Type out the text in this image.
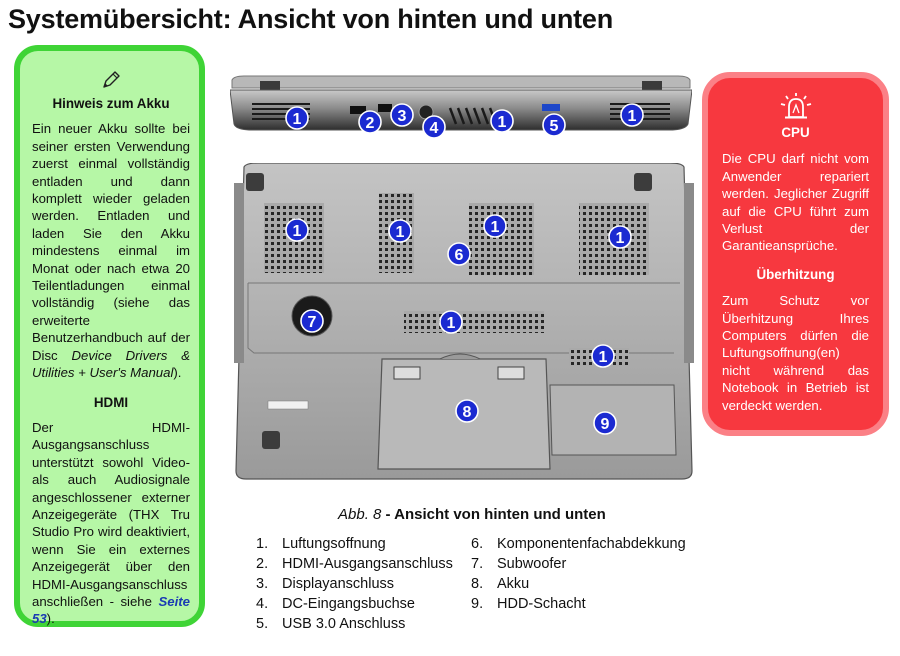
Systemübersicht: Ansicht von hinten und unten
Hinweis zum Akku

Ein neuer Akku sollte bei seiner ersten Verwendung zuerst einmal vollständig entladen und dann komplett wieder geladen werden. Entladen und laden Sie den Akku mindestens einmal im Monat oder nach etwa 20 Teilentladungen einmal vollständig (siehe das erweiterte Benutzerhandbuch auf der Disc Device Drivers & Utilities + User's Manual).

HDMI

Der HDMI-Ausgangsanschluss unterstützt sowohl Video- als auch Audiosignale angeschlossener externer Anzeigegeräte (THX Tru Studio Pro wird deaktiviert, wenn Sie ein externes Anzeigegerät über den HDMI-Ausgangsanschluss anschließen - siehe Seite 53).

CPU

Die CPU darf nicht vom Anwender repariert werden. Jeglicher Zugriff auf die CPU führt zum Verlust der Garantieansprüche.

Überhitzung

Zum Schutz vor Überhitzung Ihres Computers dürfen die Luftungsoffnung(en) nicht während das Notebook in Betrieb ist verdeckt werden.

1	2 3
4	1	5
1
1	1	1
1
6
7	1
1
8
9

Abb. 8 - Ansicht von hinten und unten

1. Luftungsoffnung
2. HDMI-Ausgangsanschluss
3. Displayanschluss
4. DC-Eingangsbuchse
5. USB 3.0 Anschluss
6. Komponentenfachabdekkung
7. Subwoofer
8. Akku
9. HDD-Schacht
